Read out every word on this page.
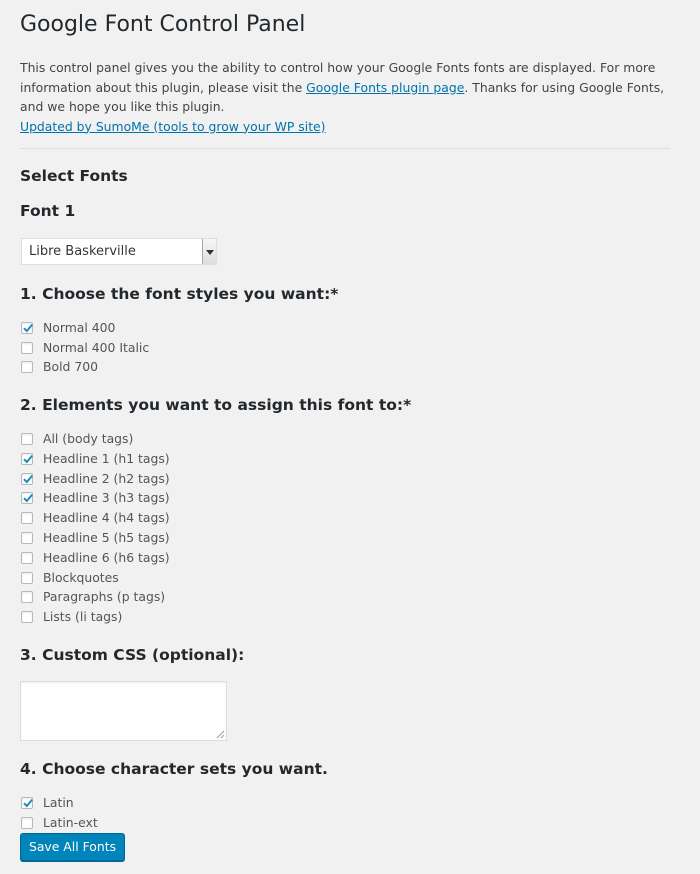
Google Font Control Panel
This control panel gives you the ability to control how your Google Fonts fonts are displayed. For more information about this plugin, please visit the Google Fonts plugin page. Thanks for using Google Fonts, and we hope you like this plugin.
Updated by SumoMe (tools to grow your WP site)
Select Fonts
Font 1
Libre Baskerville
1. Choose the font styles you want:*
Normal 400
Normal 400 Italic
Bold 700
2. Elements you want to assign this font to:*
All (body tags)
Headline 1 (h1 tags)
Headline 2 (h2 tags)
Headline 3 (h3 tags)
Headline 4 (h4 tags)
Headline 5 (h5 tags)
Headline 6 (h6 tags)
Blockquotes
Paragraphs (p tags)
Lists (li tags)
3. Custom CSS (optional):
4. Choose character sets you want.
Latin
Latin-ext
Save All Fonts
